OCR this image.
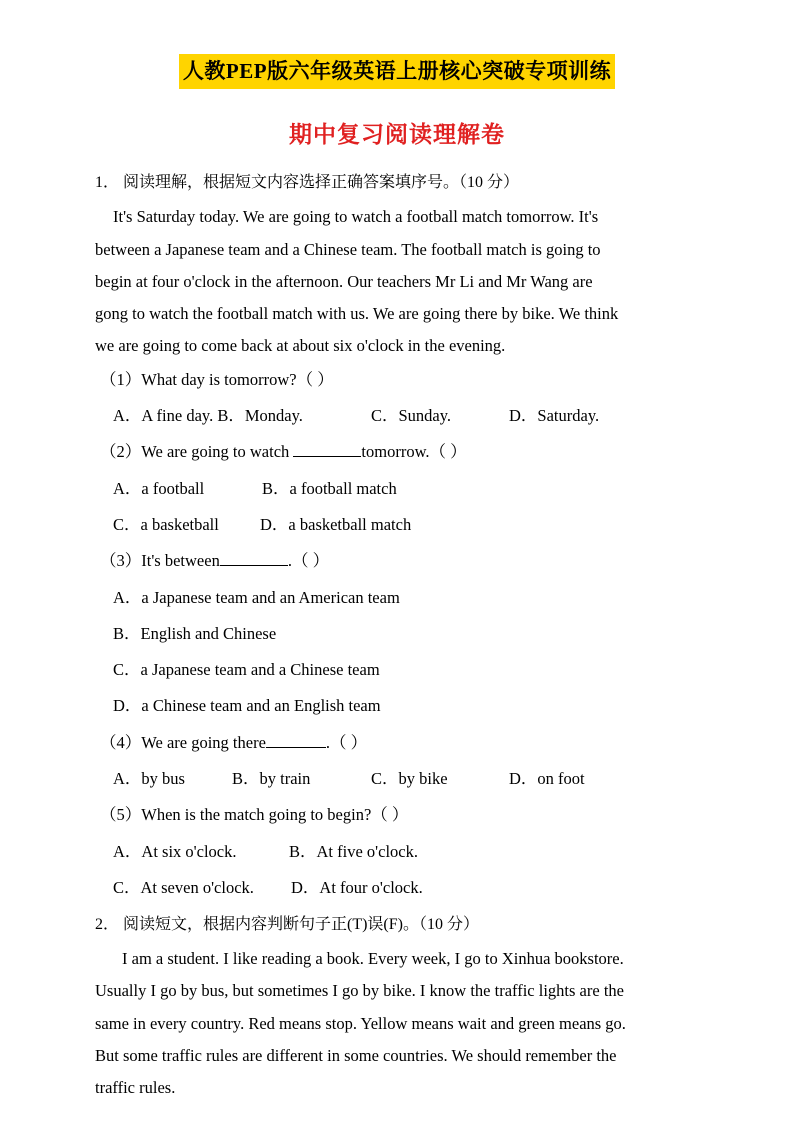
人教PEP版六年级英语上册核心突破专项训练
期中复习阅读理解卷
1． 阅读理解，根据短文内容选择正确答案填序号。（10 分）
It's Saturday today. We are going to watch a football match tomorrow. It's
between a Japanese team and a Chinese team. The football match is going to
begin at four o'clock in the afternoon. Our teachers Mr Li and Mr Wang are
gong to watch the football match with us. We are going there by bike. We think
we are going to come back at about six o'clock in the evening.
（1）What day is tomorrow?（ ）
A．A fine day. B．Monday.	C．Sunday.	D．Saturday.
（2）We are going to watch	tomorrow.（ ）
A．a football	B．a football match
C．a basketball D．a basketball match
（3）It's between	.（ ）
A．a Japanese team and an American team
B．English and Chinese
C．a Japanese team and a Chinese team
D．a Chinese team and an English team
（4）We are going there	.（ ）
A．by bus	B．by train	C．by bike	D．on foot
（5）When is the match going to begin?（ ）
A．At six o'clock.	B．At five o'clock.
C．At seven o'clock. D．At four o'clock.
2． 阅读短文，根据内容判断句子正(T)误(F)。（10 分）
I am a student. I like reading a book. Every week, I go to Xinhua bookstore.
Usually I go by bus, but sometimes I go by bike. I know the traffic lights are the
same in every country. Red means stop. Yellow means wait and green means go.
But some traffic rules are different in some countries. We should remember the
traffic rules.
